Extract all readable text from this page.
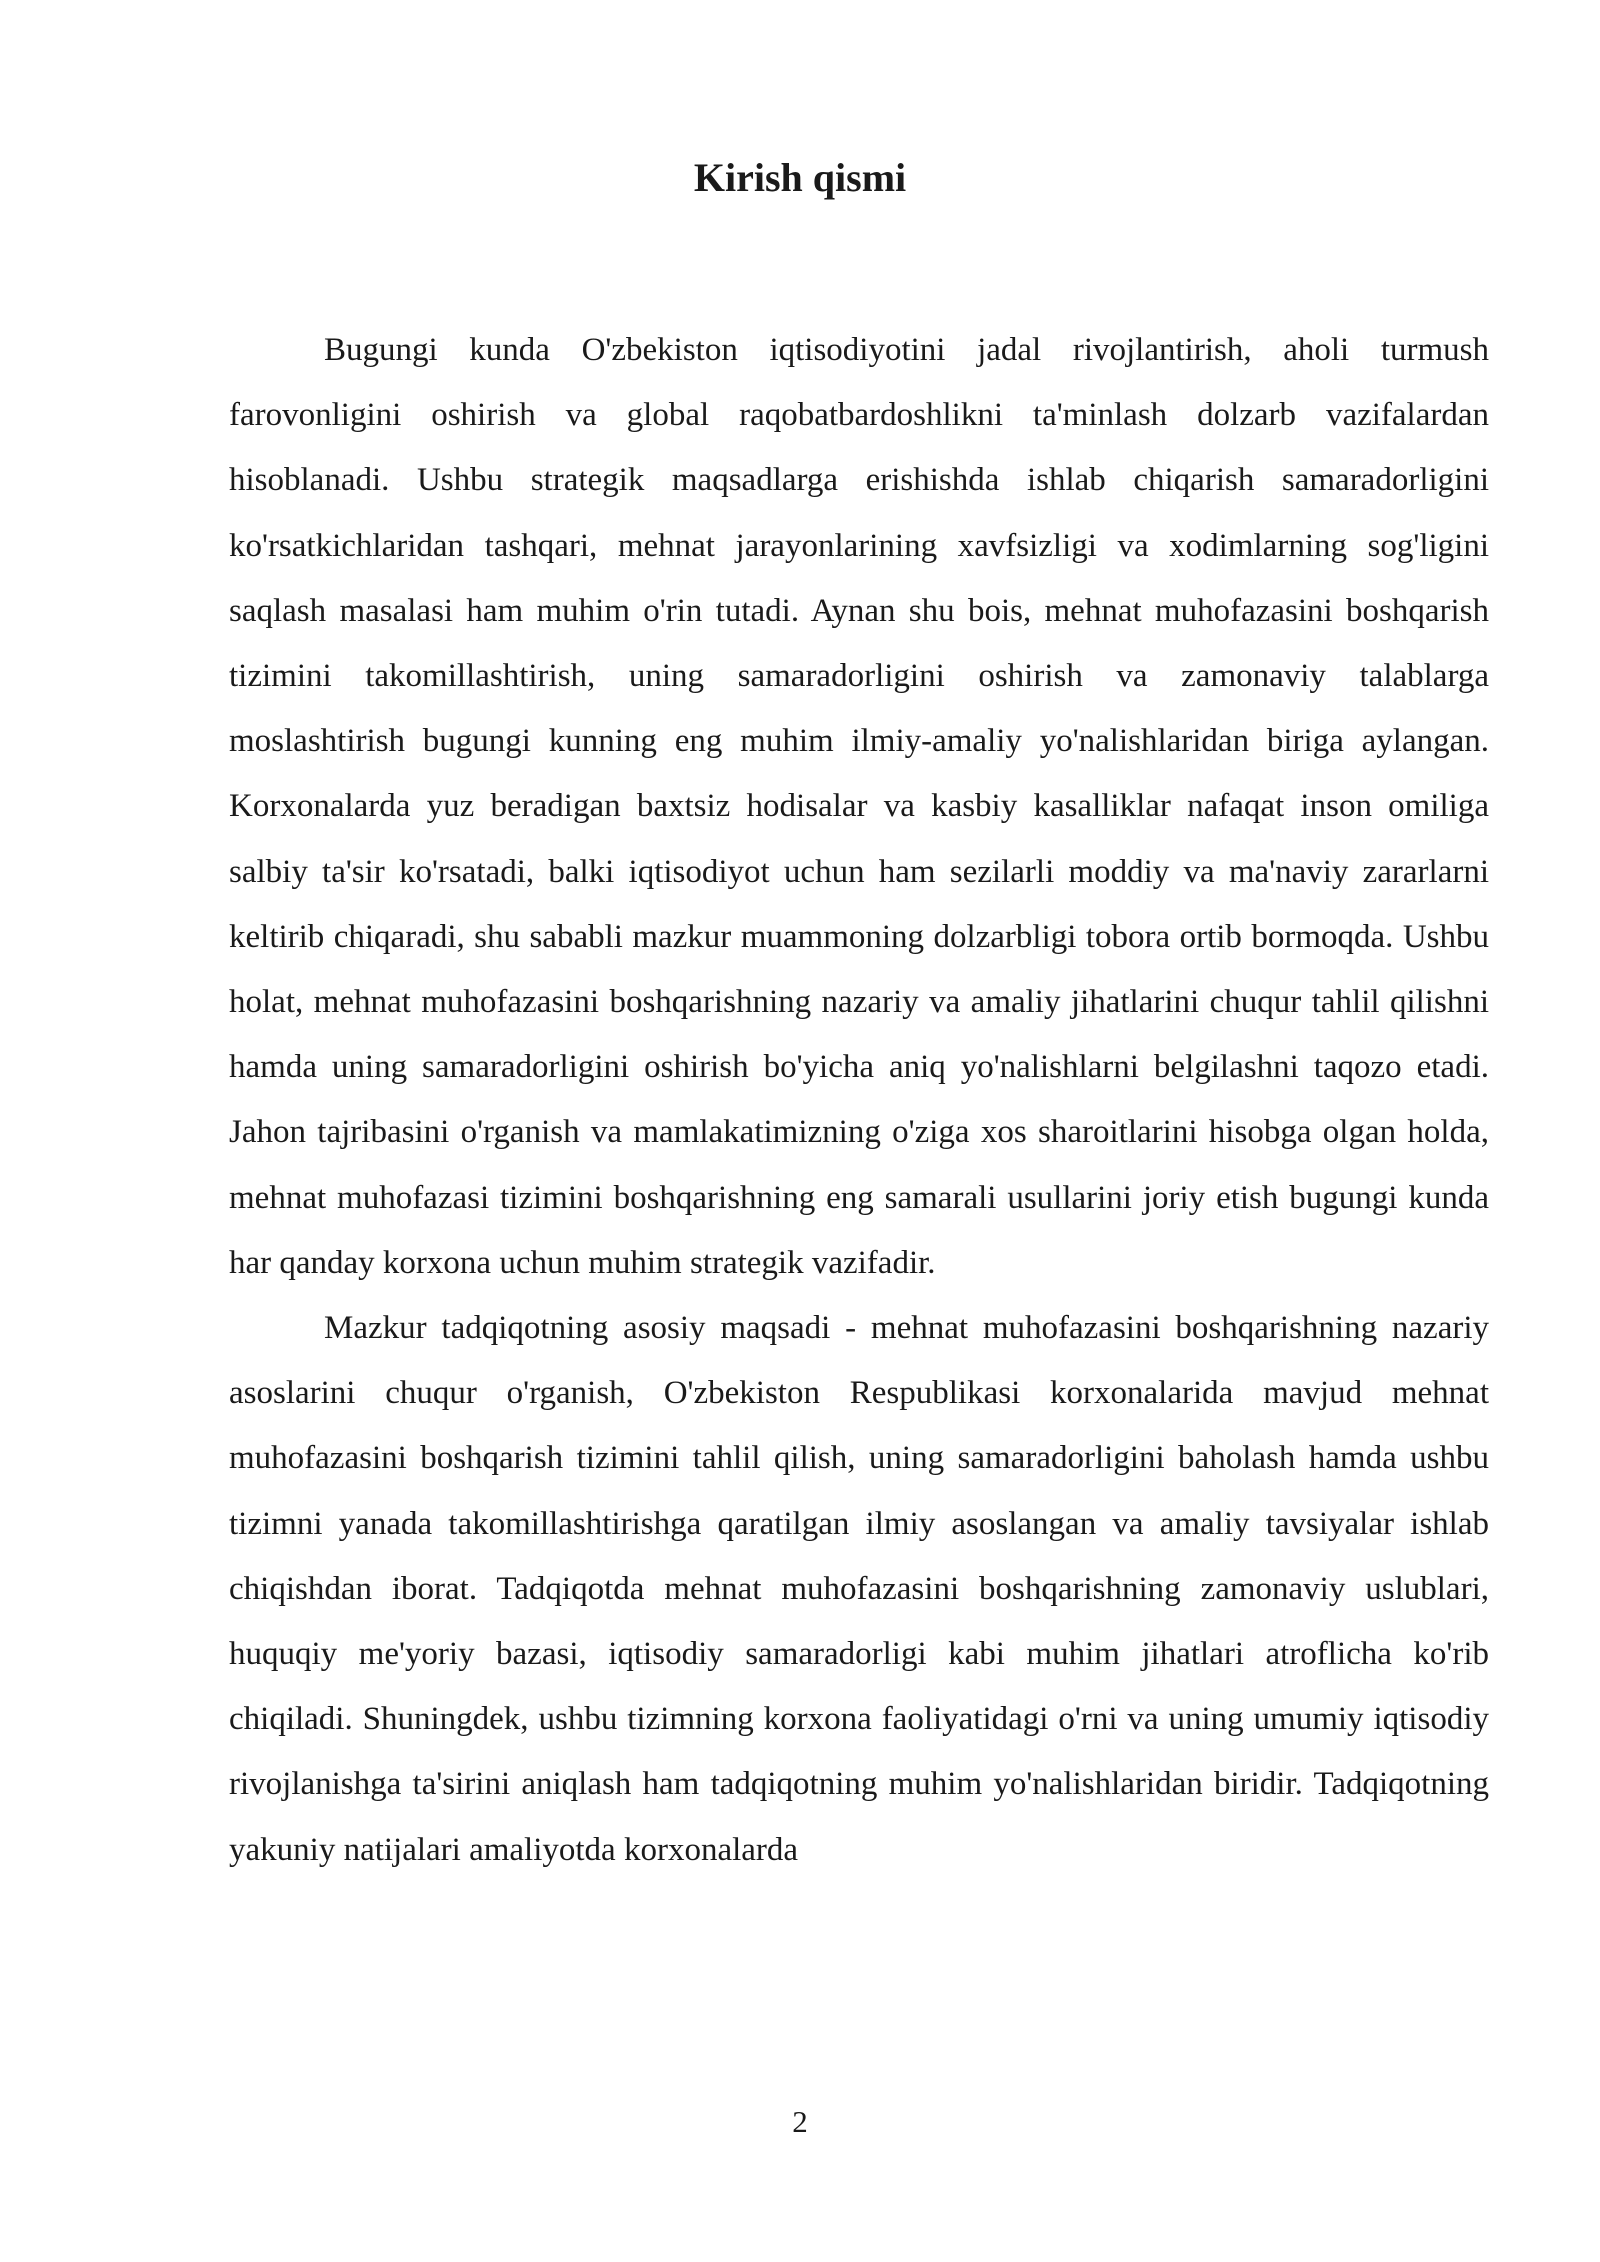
Kirish qismi

Bugungi kunda O'zbekiston iqtisodiyotini jadal rivojlantirish, aholi turmush farovonligini oshirish va global raqobatbardoshlikni ta'minlash dolzarb vazifalardan hisoblanadi. Ushbu strategik maqsadlarga erishishda ishlab chiqarish samaradorligini ko'rsatkichlaridan tashqari, mehnat jarayonlarining xavfsizligi va xodimlarning sog'ligini saqlash masalasi ham muhim o'rin tutadi. Aynan shu bois, mehnat muhofazasini boshqarish tizimini takomillashtirish, uning samaradorligini oshirish va zamonaviy talablarga moslashtirish bugungi kunning eng muhim ilmiy-amaliy yo'nalishlaridan biriga aylangan. Korxonalarda yuz beradigan baxtsiz hodisalar va kasbiy kasalliklar nafaqat inson omiliga salbiy ta'sir ko'rsatadi, balki iqtisodiyot uchun ham sezilarli moddiy va ma'naviy zararlarni keltirib chiqaradi, shu sababli mazkur muammoning dolzarbligi tobora ortib bormoqda. Ushbu holat, mehnat muhofazasini boshqarishning nazariy va amaliy jihatlarini chuqur tahlil qilishni hamda uning samaradorligini oshirish bo'yicha aniq yo'nalishlarni belgilashni taqozo etadi. Jahon tajribasini o'rganish va mamlakatimizning o'ziga xos sharoitlarini hisobga olgan holda, mehnat muhofazasi tizimini boshqarishning eng samarali usullarini joriy etish bugungi kunda har qanday korxona uchun muhim strategik vazifadir.

Mazkur tadqiqotning asosiy maqsadi - mehnat muhofazasini boshqarishning nazariy asoslarini chuqur o'rganish, O'zbekiston Respublikasi korxonalarida mavjud mehnat muhofazasini boshqarish tizimini tahlil qilish, uning samaradorligini baholash hamda ushbu tizimni yanada takomillashtirishga qaratilgan ilmiy asoslangan va amaliy tavsiyalar ishlab chiqishdan iborat. Tadqiqotda mehnat muhofazasini boshqarishning zamonaviy uslublari, huquqiy me'yoriy bazasi, iqtisodiy samaradorligi kabi muhim jihatlari atroflicha ko'rib chiqiladi. Shuningdek, ushbu tizimning korxona faoliyatidagi o'rni va uning umumiy iqtisodiy rivojlanishga ta'sirini aniqlash ham tadqiqotning muhim yo'nalishlaridan biridir. Tadqiqotning yakuniy natijalari amaliyotda korxonalarda

2
